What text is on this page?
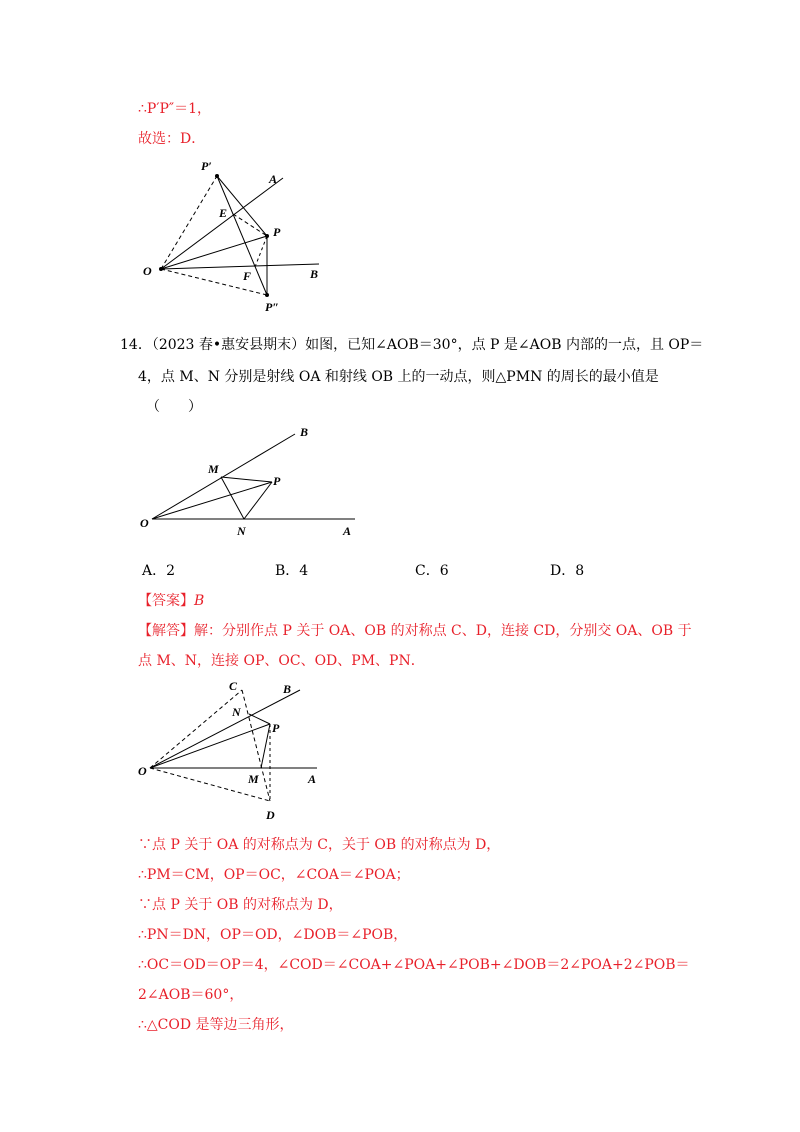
∴P′P″＝1，
故选：D．
P′
A
E
P
O	F	B
P″
14．（2023 春•惠安县期末）如图，已知∠AOB＝30°，点 P 是∠AOB 内部的一点，且 OP＝
4，点 M、N 分别是射线 OA 和射线 OB 上的一动点，则△PMN 的周长的最小值是
（　　）
B
M
P
O
N	A
A．2	B．4	C．6	D．8
【答案】B
【解答】解：分别作点 P 关于 OA、OB 的对称点 C、D，连接 CD，分别交 OA、OB 于
点 M、N，连接 OP、OC、OD、PM、PN．
C	B
N
P
O
M	A
D
∵点 P 关于 OA 的对称点为 C，关于 OB 的对称点为 D，
∴PM＝CM，OP＝OC，∠COA＝∠POA；
∵点 P 关于 OB 的对称点为 D，
∴PN＝DN，OP＝OD，∠DOB＝∠POB，
∴OC＝OD＝OP＝4，∠COD＝∠COA+∠POA+∠POB+∠DOB＝2∠POA+2∠POB＝
2∠AOB＝60°，
∴△COD 是等边三角形，
